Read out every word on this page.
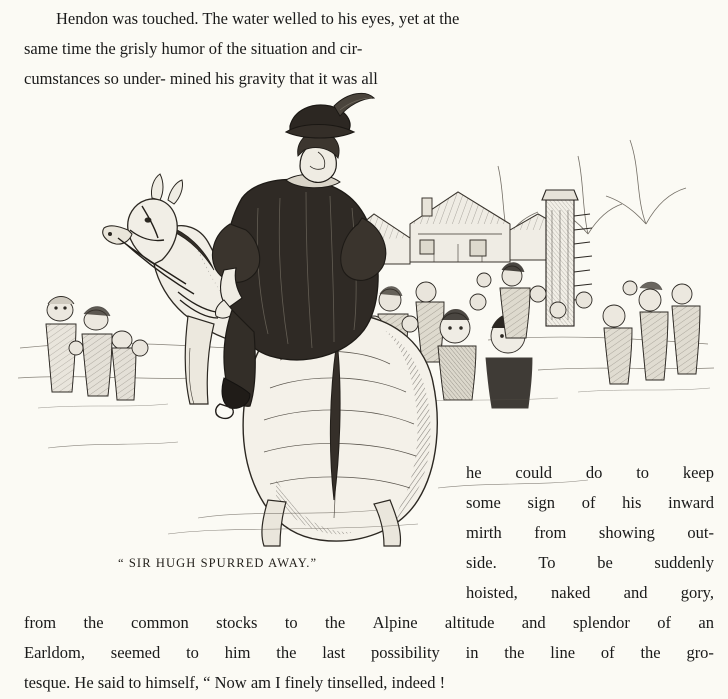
Hendon was touched. The water welled to his eyes, yet at the
same time the grisly humor of the situation and cir-
cumstances so under- mined his gravity that it was all
he could do to keep
some sign of his inward
mirth from showing out-
side.	To	be	suddenly
hoisted, naked and gory,
“ SIR HUGH SPURRED AWAY.”
from the common stocks to the Alpine altitude and splendor of an
Earldom, seemed to him the last possibility in the line of the gro-
tesque. He said to himself, “ Now am I finely tinselled, indeed !
